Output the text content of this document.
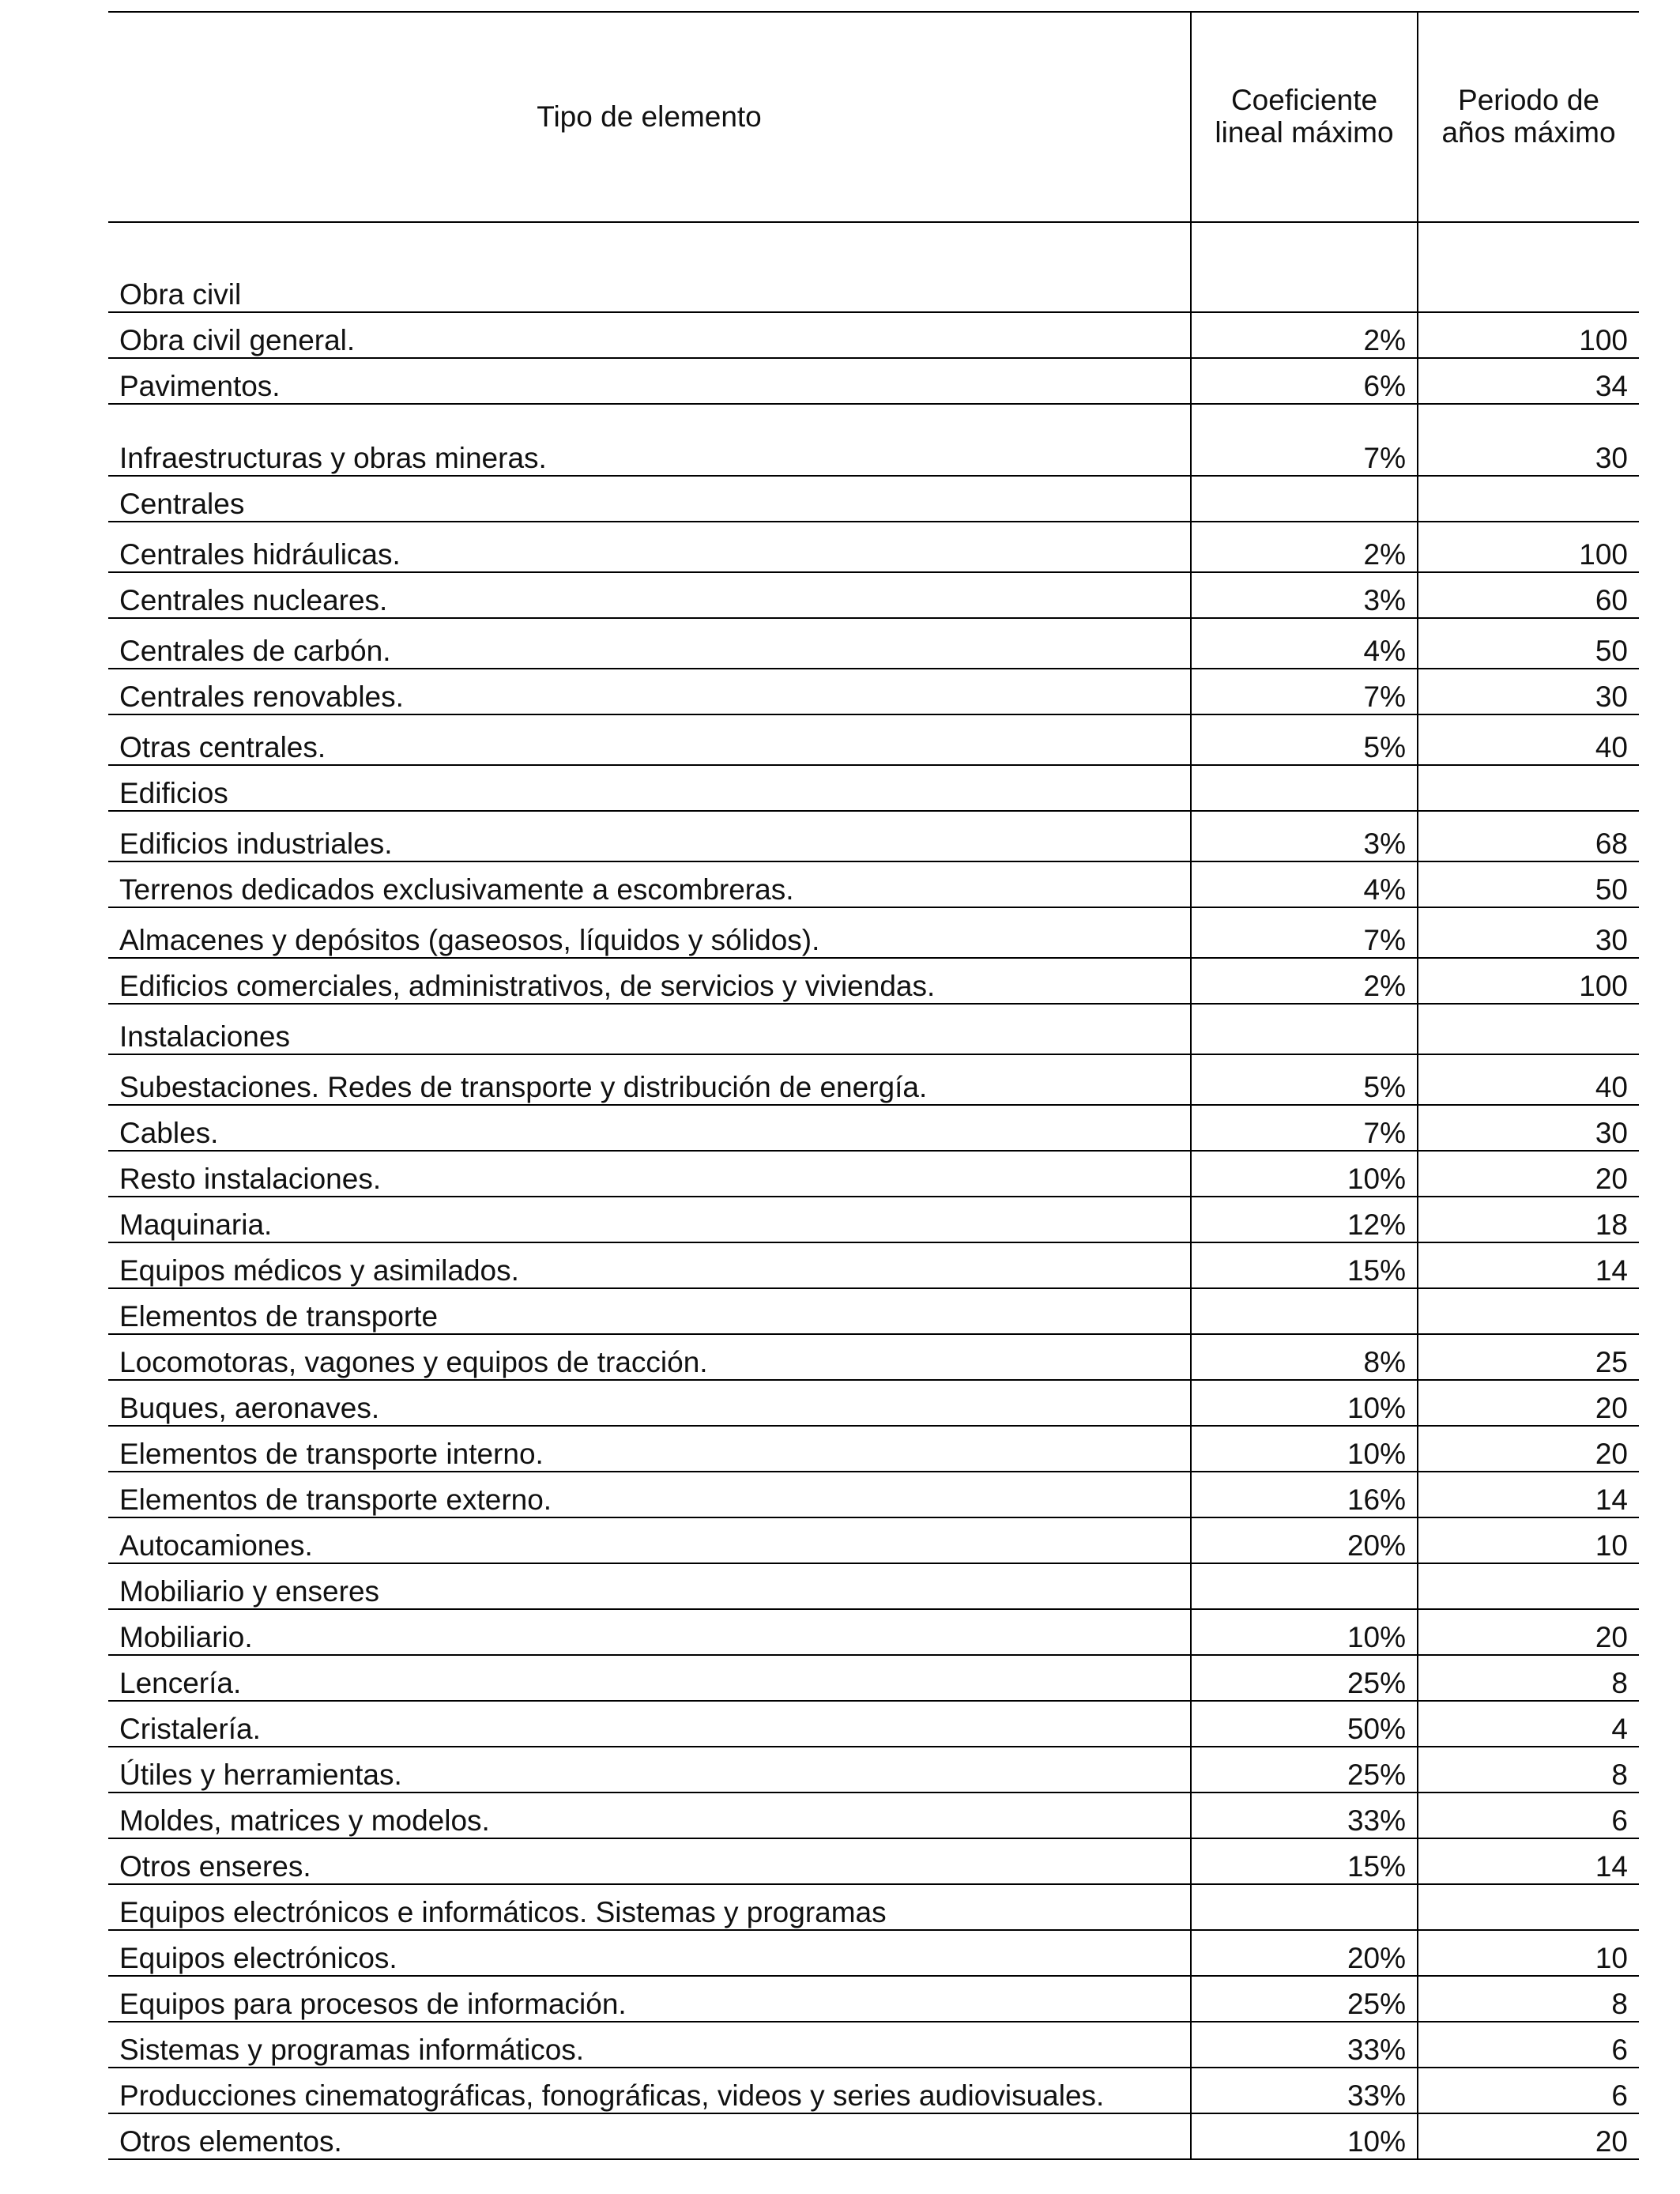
Tipo de elemento	Coeficiente lineal máximo	Periodo de años máximo
Obra civil		
Obra civil general.	2%	100
Pavimentos.	6%	34
Infraestructuras y obras mineras.	7%	30
Centrales		
Centrales hidráulicas.	2%	100
Centrales nucleares.	3%	60
Centrales de carbón.	4%	50
Centrales renovables.	7%	30
Otras centrales.	5%	40
Edificios		
Edificios industriales.	3%	68
Terrenos dedicados exclusivamente a escombreras.	4%	50
Almacenes y depósitos (gaseosos, líquidos y sólidos).	7%	30
Edificios comerciales, administrativos, de servicios y viviendas.	2%	100
Instalaciones		
Subestaciones. Redes de transporte y distribución de energía.	5%	40
Cables.	7%	30
Resto instalaciones.	10%	20
Maquinaria.	12%	18
Equipos médicos y asimilados.	15%	14
Elementos de transporte		
Locomotoras, vagones y equipos de tracción.	8%	25
Buques, aeronaves.	10%	20
Elementos de transporte interno.	10%	20
Elementos de transporte externo.	16%	14
Autocamiones.	20%	10
Mobiliario y enseres		
Mobiliario.	10%	20
Lencería.	25%	8
Cristalería.	50%	4
Útiles y herramientas.	25%	8
Moldes, matrices y modelos.	33%	6
Otros enseres.	15%	14
Equipos electrónicos e informáticos. Sistemas y programas		
Equipos electrónicos.	20%	10
Equipos para procesos de información.	25%	8
Sistemas y programas informáticos.	33%	6
Producciones cinematográficas, fonográficas, videos y series audiovisuales.	33%	6
Otros elementos.	10%	20
